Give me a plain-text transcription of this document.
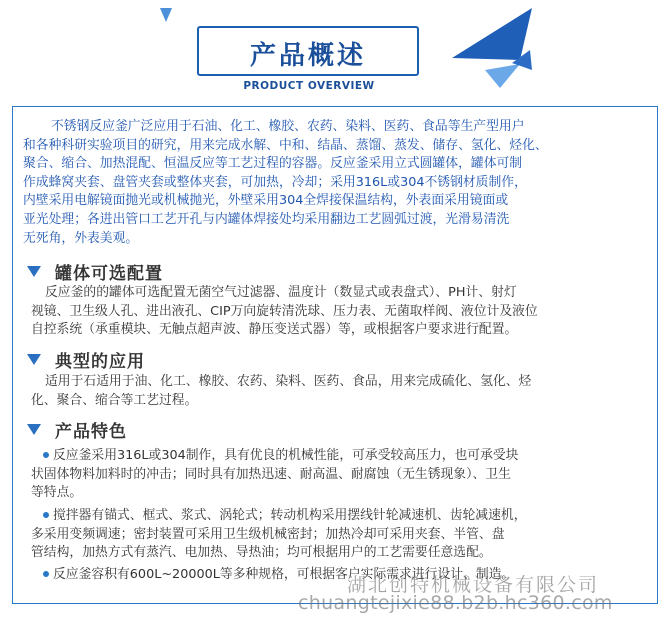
产品概述
PRODUCT OVERVIEW
不锈钢反应釜广泛应用于石油、化工、橡胶、农药、染料、医药、食品等生产型用户
和各种科研实验项目的研究，用来完成水解、中和、结晶、蒸馏、蒸发、储存、氢化、烃化、
聚合、缩合、加热混配、恒温反应等工艺过程的容器。反应釜采用立式圆罐体，罐体可制
作成蜂窝夹套、盘管夹套或整体夹套，可加热，冷却；采用316L或304不锈钢材质制作，
内壁采用电解镜面抛光或机械抛光，外壁采用304全焊接保温结构，外表面采用镜面或
亚光处理；各进出管口工艺开孔与内罐体焊接处均采用翻边工艺圆弧过渡，光滑易清洗
无死角，外表美观。
罐体可选配置
反应釜的的罐体可选配置无菌空气过滤器、温度计（数显式或表盘式）、PH计、射灯
视镜、卫生级人孔、进出液孔、CIP万向旋转清洗球、压力表、无菌取样阀、液位计及液位
自控系统（承重模块、无触点超声波、静压变送式器）等，或根据客户要求进行配置。
典型的应用
适用于石适用于油、化工、橡胶、农药、染料、医药、食品，用来完成硫化、氢化、烃
化、聚合、缩合等工艺过程。
产品特色
反应釜采用316L或304制作，具有优良的机械性能，可承受较高压力，也可承受块
状固体物料加料时的冲击；同时具有加热迅速、耐高温、耐腐蚀（无生锈现象）、卫生
等特点。
搅拌器有锚式、框式、浆式、涡轮式；转动机构采用摆线针轮减速机、齿轮减速机，
多采用变频调速；密封装置可采用卫生级机械密封；加热冷却可采用夹套、半管、盘
管结构，加热方式有蒸汽、电加热、导热油；均可根据用户的工艺需要任意选配。
反应釜容积有600L~20000L等多种规格，可根据客户实际需求进行设计、制造。
湖北创特机械设备有限公司
chuangtejixie88.b2b.hc360.com
